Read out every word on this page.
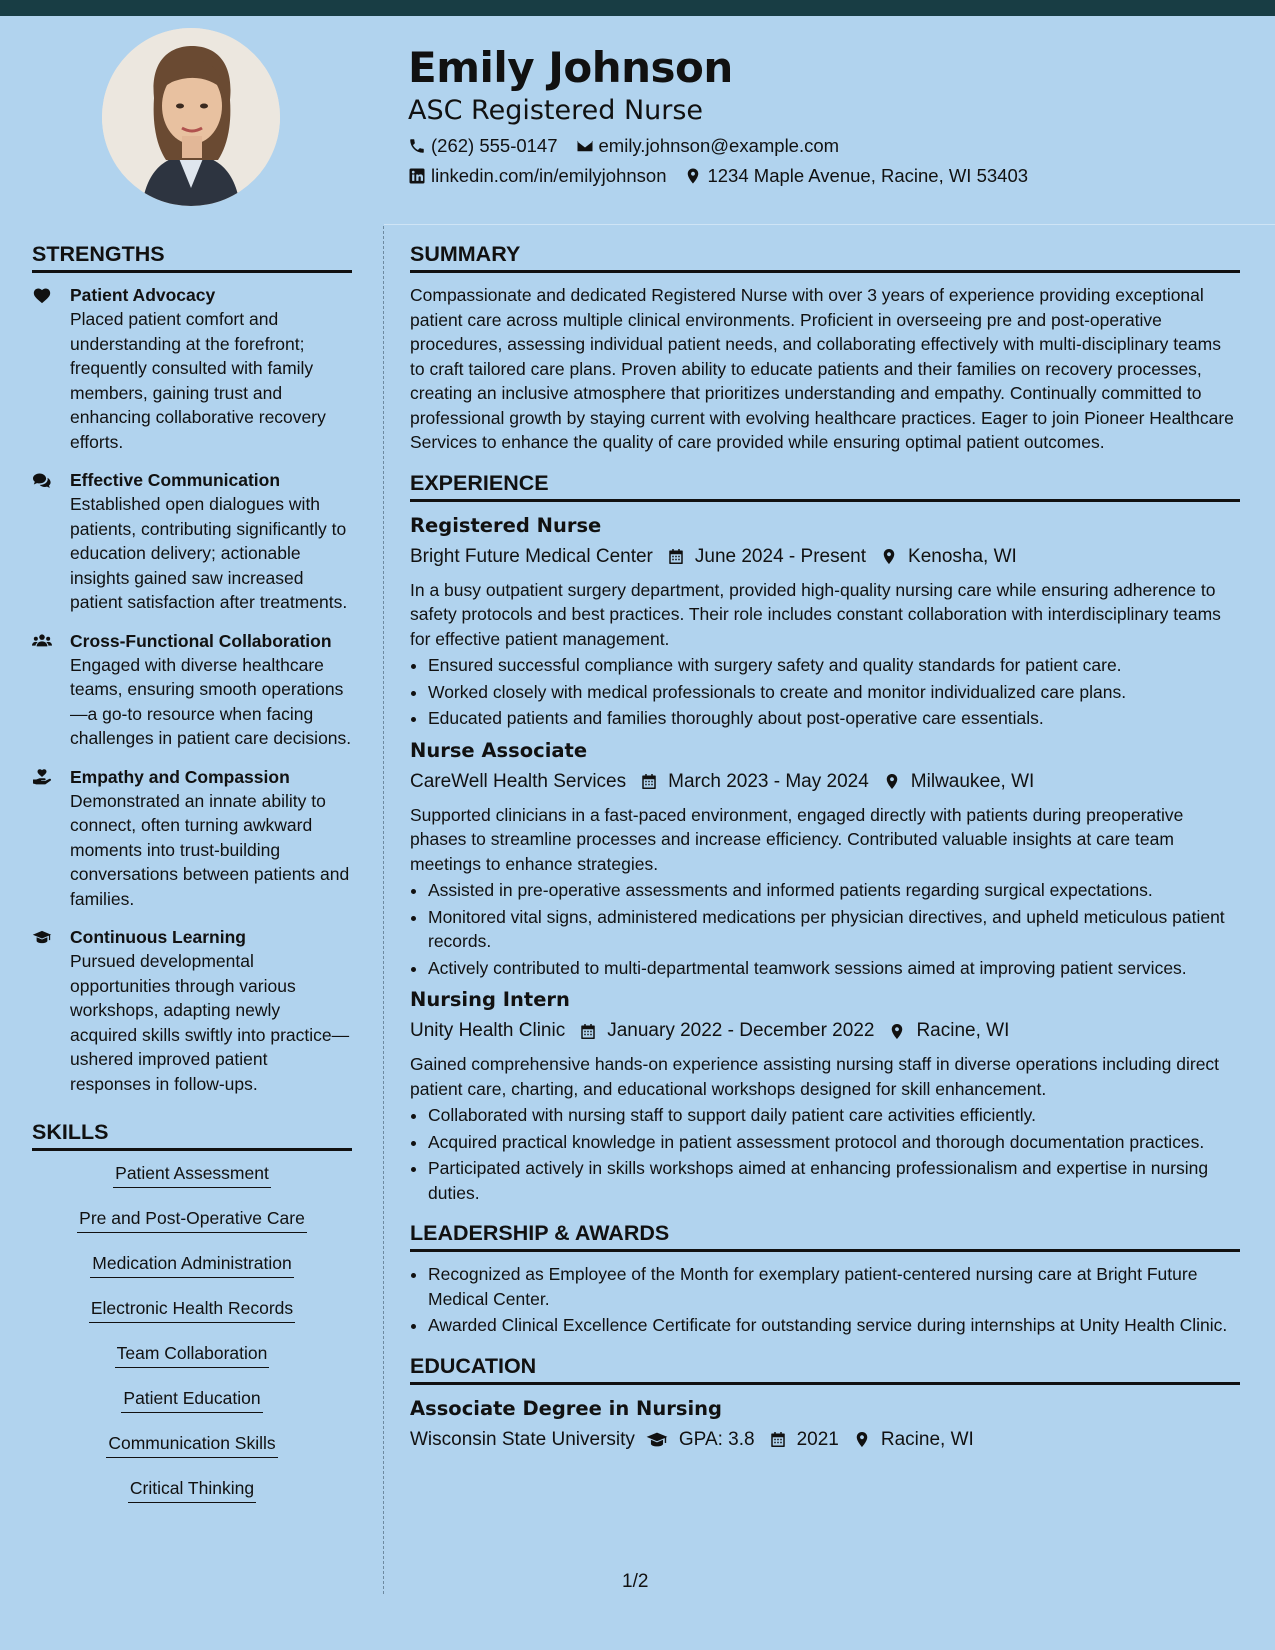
Emily Johnson
ASC Registered Nurse
(262) 555-0147 emily.johnson@example.com
linkedin.com/in/emilyjohnson 1234 Maple Avenue, Racine, WI 53403
STRENGTHS
Patient Advocacy
Placed patient comfort and understanding at the forefront; frequently consulted with family members, gaining trust and enhancing collaborative recovery efforts.
Effective Communication
Established open dialogues with patients, contributing significantly to education delivery; actionable insights gained saw increased patient satisfaction after treatments.
Cross-Functional Collaboration
Engaged with diverse healthcare teams, ensuring smooth operations—a go-to resource when facing challenges in patient care decisions.
Empathy and Compassion
Demonstrated an innate ability to connect, often turning awkward moments into trust-building conversations between patients and families.
Continuous Learning
Pursued developmental opportunities through various workshops, adapting newly acquired skills swiftly into practice—ushered improved patient responses in follow-ups.
SKILLS
Patient Assessment
Pre and Post-Operative Care
Medication Administration
Electronic Health Records
Team Collaboration
Patient Education
Communication Skills
Critical Thinking
SUMMARY

Compassionate and dedicated Registered Nurse with over 3 years of experience providing exceptional patient care across multiple clinical environments. Proficient in overseeing pre and post-operative procedures, assessing individual patient needs, and collaborating effectively with multi-disciplinary teams to craft tailored care plans. Proven ability to educate patients and their families on recovery processes, creating an inclusive atmosphere that prioritizes understanding and empathy. Continually committed to professional growth by staying current with evolving healthcare practices. Eager to join Pioneer Healthcare Services to enhance the quality of care provided while ensuring optimal patient outcomes.

EXPERIENCE
Registered Nurse
Bright Future Medical Center June 2024 - Present Kenosha, WI

In a busy outpatient surgery department, provided high-quality nursing care while ensuring adherence to safety protocols and best practices. Their role includes constant collaboration with interdisciplinary teams for effective patient management.

• Ensured successful compliance with surgery safety and quality standards for patient care.
• Worked closely with medical professionals to create and monitor individualized care plans.
• Educated patients and families thoroughly about post-operative care essentials.
Nurse Associate
CareWell Health Services March 2023 - May 2024 Milwaukee, WI

Supported clinicians in a fast-paced environment, engaged directly with patients during preoperative phases to streamline processes and increase efficiency. Contributed valuable insights at care team meetings to enhance strategies.

• Assisted in pre-operative assessments and informed patients regarding surgical expectations.
• Monitored vital signs, administered medications per physician directives, and upheld meticulous patient records.
• Actively contributed to multi-departmental teamwork sessions aimed at improving patient services.
Nursing Intern
Unity Health Clinic January 2022 - December 2022 Racine, WI

Gained comprehensive hands-on experience assisting nursing staff in diverse operations including direct patient care, charting, and educational workshops designed for skill enhancement.

• Collaborated with nursing staff to support daily patient care activities efficiently.
• Acquired practical knowledge in patient assessment protocol and thorough documentation practices.
• Participated actively in skills workshops aimed at enhancing professionalism and expertise in nursing duties.
LEADERSHIP & AWARDS
• Recognized as Employee of the Month for exemplary patient-centered nursing care at Bright Future Medical Center.
• Awarded Clinical Excellence Certificate for outstanding service during internships at Unity Health Clinic.
EDUCATION
Associate Degree in Nursing
Wisconsin State University GPA: 3.8 2021 Racine, WI
1/2
